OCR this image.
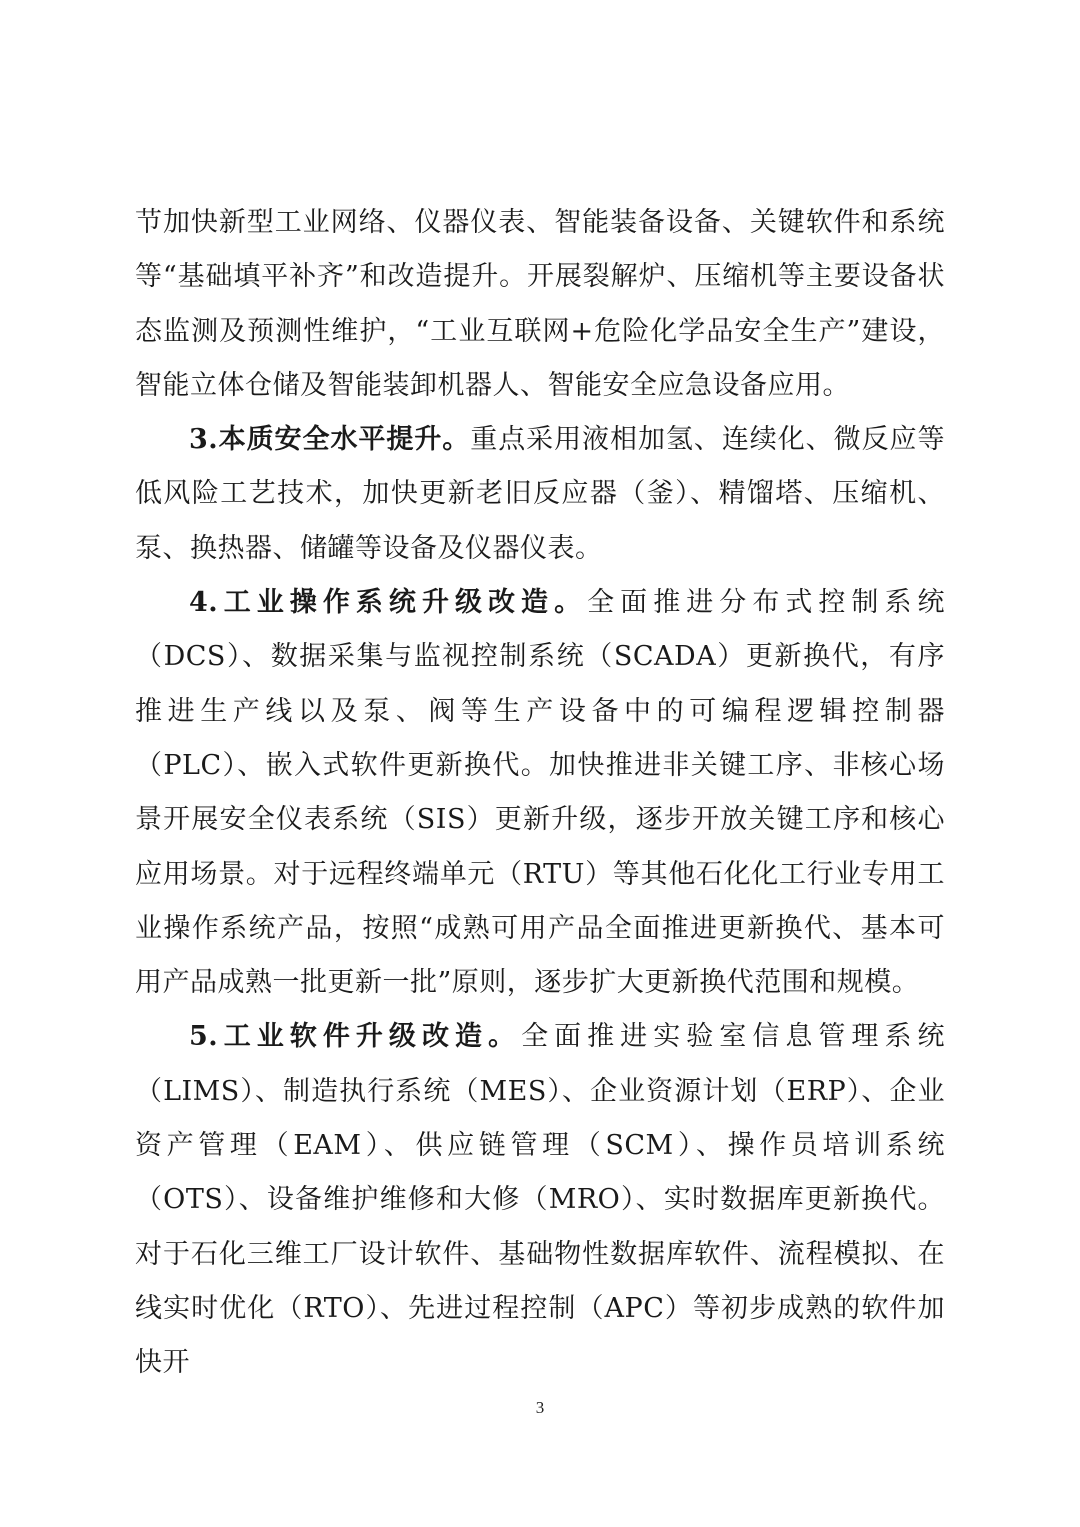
节加快新型工业网络、仪器仪表、智能装备设备、关键软件和系统等“基础填平补齐”和改造提升。开展裂解炉、压缩机等主要设备状态监测及预测性维护，“工业互联网+危险化学品安全生产”建设，智能立体仓储及智能装卸机器人、智能安全应急设备应用。

3.本质安全水平提升。重点采用液相加氢、连续化、微反应等低风险工艺技术，加快更新老旧反应器（釜）、精馏塔、压缩机、泵、换热器、储罐等设备及仪器仪表。

4.工业操作系统升级改造。全面推进分布式控制系统（DCS）、数据采集与监视控制系统（SCADA）更新换代，有序推进生产线以及泵、阀等生产设备中的可编程逻辑控制器（PLC）、嵌入式软件更新换代。加快推进非关键工序、非核心场景开展安全仪表系统（SIS）更新升级，逐步开放关键工序和核心应用场景。对于远程终端单元（RTU）等其他石化化工行业专用工业操作系统产品，按照“成熟可用产品全面推进更新换代、基本可用产品成熟一批更新一批”原则，逐步扩大更新换代范围和规模。

5.工业软件升级改造。全面推进实验室信息管理系统（LIMS）、制造执行系统（MES）、企业资源计划（ERP）、企业资产管理（EAM）、供应链管理（SCM）、操作员培训系统（OTS）、设备维护维修和大修（MRO）、实时数据库更新换代。对于石化三维工厂设计软件、基础物性数据库软件、流程模拟、在线实时优化（RTO）、先进过程控制（APC）等初步成熟的软件加快开

3
